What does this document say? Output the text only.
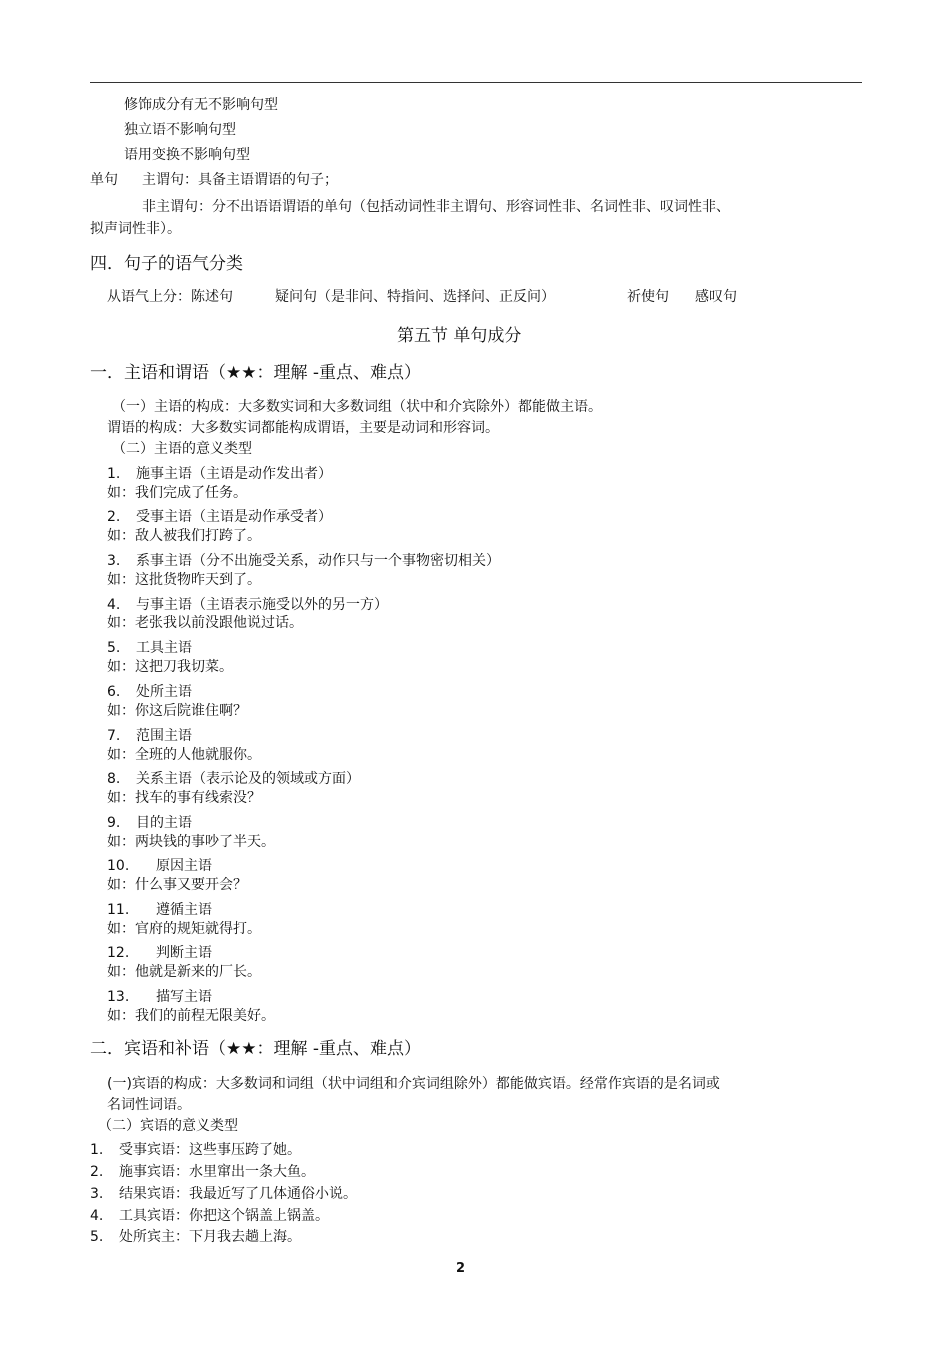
修饰成分有无不影响句型
独立语不影响句型
语用变换不影响句型
单句 主谓句：具备主语谓语的句子；
非主谓句：分不出语语谓语的单句（包括动词性非主谓句、形容词性非、名词性非、叹词性非、
拟声词性非）。
四．句子的语气分类
从语气上分：陈述句	疑问句（是非问、特指问、选择问、正反问）	祈使句 感叹句
第五节 单句成分
一．主语和谓语（★★：理解 -重点、难点）
（一）主语的构成：大多数实词和大多数词组（状中和介宾除外）都能做主语。
谓语的构成：大多数实词都能构成谓语，主要是动词和形容词。
（二）主语的意义类型
1. 施事主语（主语是动作发出者）
如：我们完成了任务。
2. 受事主语（主语是动作承受者）
如：敌人被我们打跨了。
3. 系事主语（分不出施受关系，动作只与一个事物密切相关）
如：这批货物昨天到了。
4. 与事主语（主语表示施受以外的另一方）
如：老张我以前没跟他说过话。
5. 工具主语
如：这把刀我切菜。
6. 处所主语
如：你这后院谁住啊？
7. 范围主语
如：全班的人他就服你。
8. 关系主语（表示论及的领域或方面）
如：找车的事有线索没？
9. 目的主语
如：两块钱的事吵了半天。
10. 原因主语
如：什么事又要开会？
11. 遵循主语
如：官府的规矩就得打。
12. 判断主语
如：他就是新来的厂长。
13. 描写主语
如：我们的前程无限美好。
二．宾语和补语（★★：理解 -重点、难点）
(一)宾语的构成：大多数词和词组（状中词组和介宾词组除外）都能做宾语。经常作宾语的是名词或
名词性词语。
（二）宾语的意义类型
1. 受事宾语：这些事压跨了她。
2. 施事宾语：水里窜出一条大鱼。
3. 结果宾语：我最近写了几体通俗小说。
4. 工具宾语：你把这个锅盖上锅盖。
5. 处所宾主：下月我去趟上海。
2
